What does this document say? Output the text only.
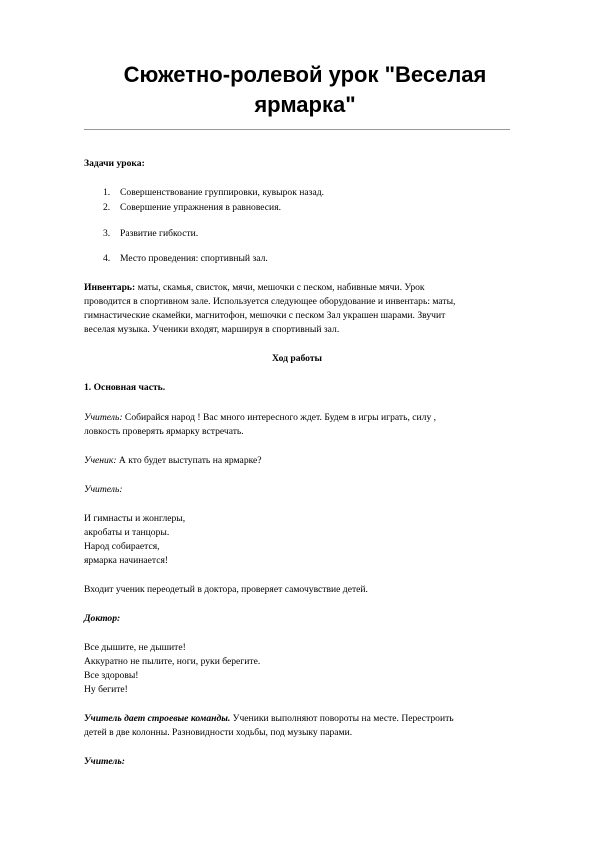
Сюжетно-ролевой урок "Веселая
ярмарка"
Задачи урока:
1. Совершенствование группировки, кувырок назад.
2. Совершение упражнения в равновесия.
3. Развитие гибкости.
4. Место проведения: спортивный зал.
Инвентарь: маты, скамья, свисток, мячи, мешочки с песком, набивные мячи. Урок
проводится в спортивном зале. Используется следующее оборудование и инвентарь: маты,
гимнастические скамейки, магнитофон, мешочки с песком Зал украшен шарами. Звучит
веселая музыка. Ученики входят, маршируя в спортивный зал.
Ход работы
1. Основная часть.
Учитель: Собирайся народ ! Вас много интересного ждет. Будем в игры играть, силу ,
ловкость проверять ярмарку встречать.
Ученик: А кто будет выступать на ярмарке?
Учитель:
И гимнасты и жонглеры,
акробаты и танцоры.
Народ собирается,
ярмарка начинается!
Входит ученик переодетый в доктора, проверяет самочувствие детей.
Доктор:
Все дышите, не дышите!
Аккуратно не пылите, ноги, руки берегите.
Все здоровы!
Ну бегите!
Учитель дает строевые команды. Ученики выполняют повороты на месте. Перестроить
детей в две колонны. Разновидности ходьбы, под музыку парами.
Учитель:
